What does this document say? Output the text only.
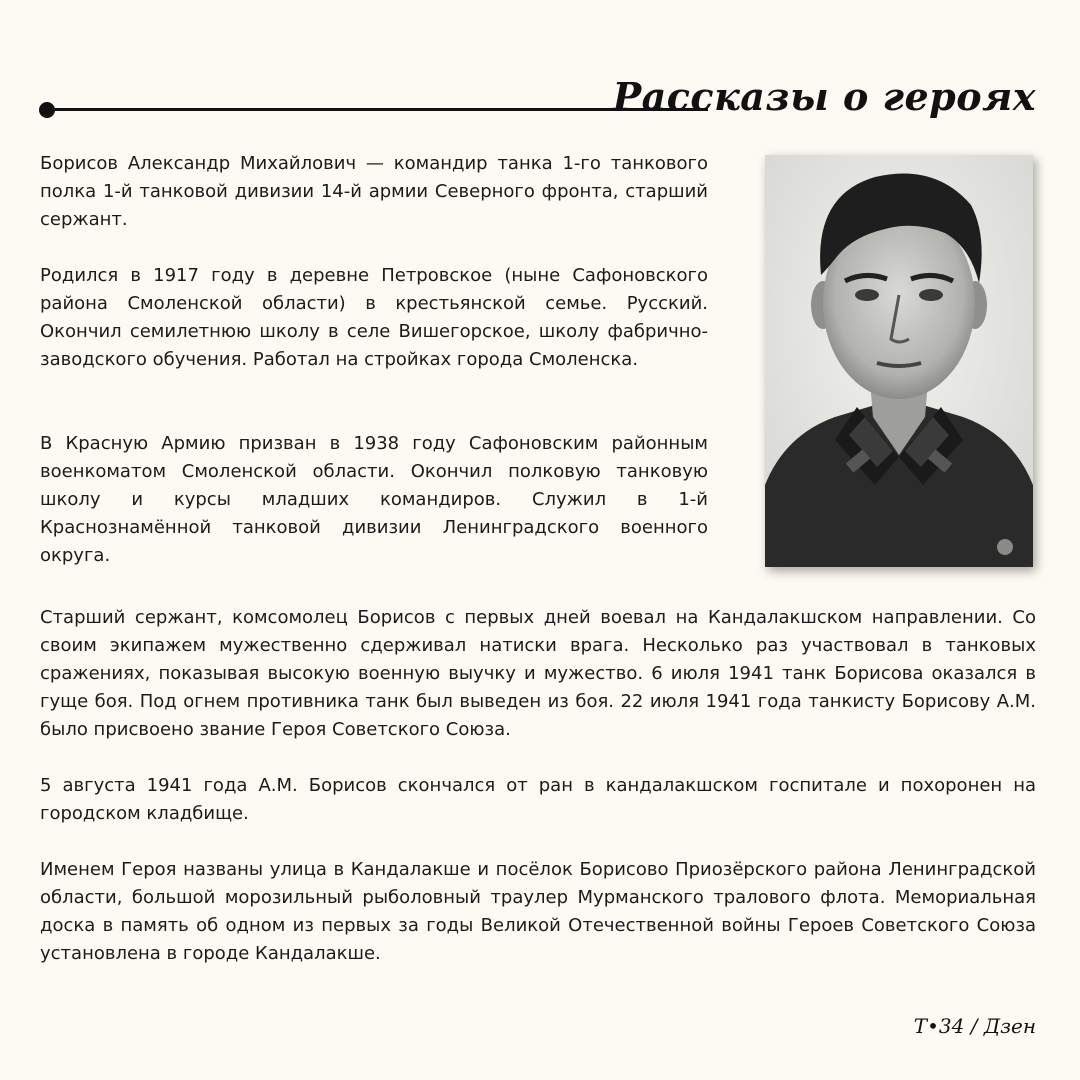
Рассказы о героях

Борисов Александр Михайлович — командир танка 1-го танкового полка 1-й танковой дивизии 14-й армии Северного фронта, старший сержант.

Родился в 1917 году в деревне Петровское (ныне Сафоновского района Смоленской области) в крестьянской семье. Русский. Окончил семилетнюю школу в селе Вишегорское, школу фабрично-заводского обучения. Работал на стройках города Смоленска.

В Красную Армию призван в 1938 году Сафоновским районным военкоматом Смоленской области. Окончил полковую танковую школу и курсы младших командиров. Служил в 1-й Краснознамённой танковой дивизии Ленинградского военного округа.

Старший сержант, комсомолец Борисов с первых дней воевал на Кандалакшском направлении. Со своим экипажем мужественно сдерживал натиски врага. Несколько раз участвовал в танковых сражениях, показывая высокую военную выучку и мужество. 6 июля 1941 танк Борисова оказался в гуще боя. Под огнем противника танк был выведен из боя. 22 июля 1941 года танкисту Борисову А.М. было присвоено звание Героя Советского Союза.

5 августа 1941 года А.М. Борисов скончался от ран в кандалакшском госпитале и похоронен на городском кладбище.

Именем Героя названы улица в Кандалакше и посёлок Борисово Приозёрского района Ленинградской области, большой морозильный рыболовный траулер Мурманского тралового флота. Мемориальная доска в память об одном из первых за годы Великой Отечественной войны Героев Советского Союза установлена в городе Кандалакше.

Т•34 / Дзен
